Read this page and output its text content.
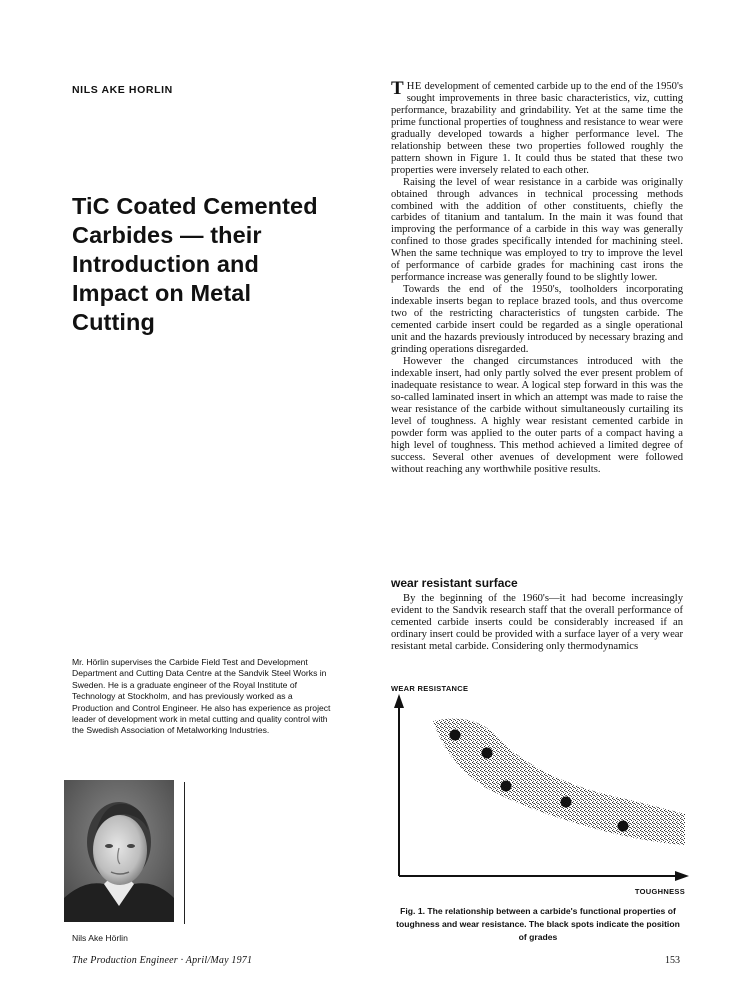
NILS AKE HORLIN
TiC Coated Cemented
Carbides — their
Introduction and
Impact on Metal
Cutting
Mr. Hörlin supervises the Carbide Field Test and Development Department and Cutting Data Centre at the Sandvik Steel Works in Sweden. He is a graduate engineer of the Royal Institute of Technology at Stockholm, and has previously worked as a Production and Control Engineer. He also has experience as project leader of development work in metal cutting and quality control with the Swedish Association of Metalworking Industries.
Nils Ake Hörlin

THE development of cemented carbide up to the end of the 1950's sought improvements in three basic characteristics, viz, cutting performance, brazability and grindability. Yet at the same time the prime functional properties of toughness and resistance to wear were gradually developed towards a higher performance level. The relationship between these two properties followed roughly the pattern shown in Figure 1. It could thus be stated that these two properties were inversely related to each other.

Raising the level of wear resistance in a carbide was originally obtained through advances in technical processing methods combined with the addition of other constituents, chiefly the carbides of titanium and tantalum. In the main it was found that improving the performance of a carbide in this way was generally confined to those grades specifically intended for machining steel. When the same technique was employed to try to improve the level of performance of carbide grades for machining cast irons the performance increase was generally found to be slightly lower.

Towards the end of the 1950's, toolholders incorporating indexable inserts began to replace brazed tools, and thus overcome two of the restricting characteristics of tungsten carbide. The cemented carbide insert could be regarded as a single operational unit and the hazards previously introduced by necessary brazing and grinding operations disregarded.

However the changed circumstances introduced with the indexable insert, had only partly solved the ever present problem of inadequate resistance to wear. A logical step forward in this was the so-called laminated insert in which an attempt was made to raise the wear resistance of the carbide without simultaneously curtailing its level of toughness. A highly wear resistant cemented carbide in powder form was applied to the outer parts of a compact having a high level of toughness. This method achieved a limited degree of success. Several other avenues of development were followed without reaching any worthwhile positive results.

wear resistant surface

By the beginning of the 1960's—it had become increasingly evident to the Sandvik research staff that the overall performance of cemented carbide inserts could be considerably increased if an ordinary insert could be provided with a surface layer of a very wear resistant metal carbide. Considering only thermodynamics

WEAR RESISTANCE
TOUGHNESS
Fig. 1. The relationship between a carbide's functional properties of toughness and wear resistance. The black spots indicate the position of grades
The Production Engineer · April/May 1971	153
